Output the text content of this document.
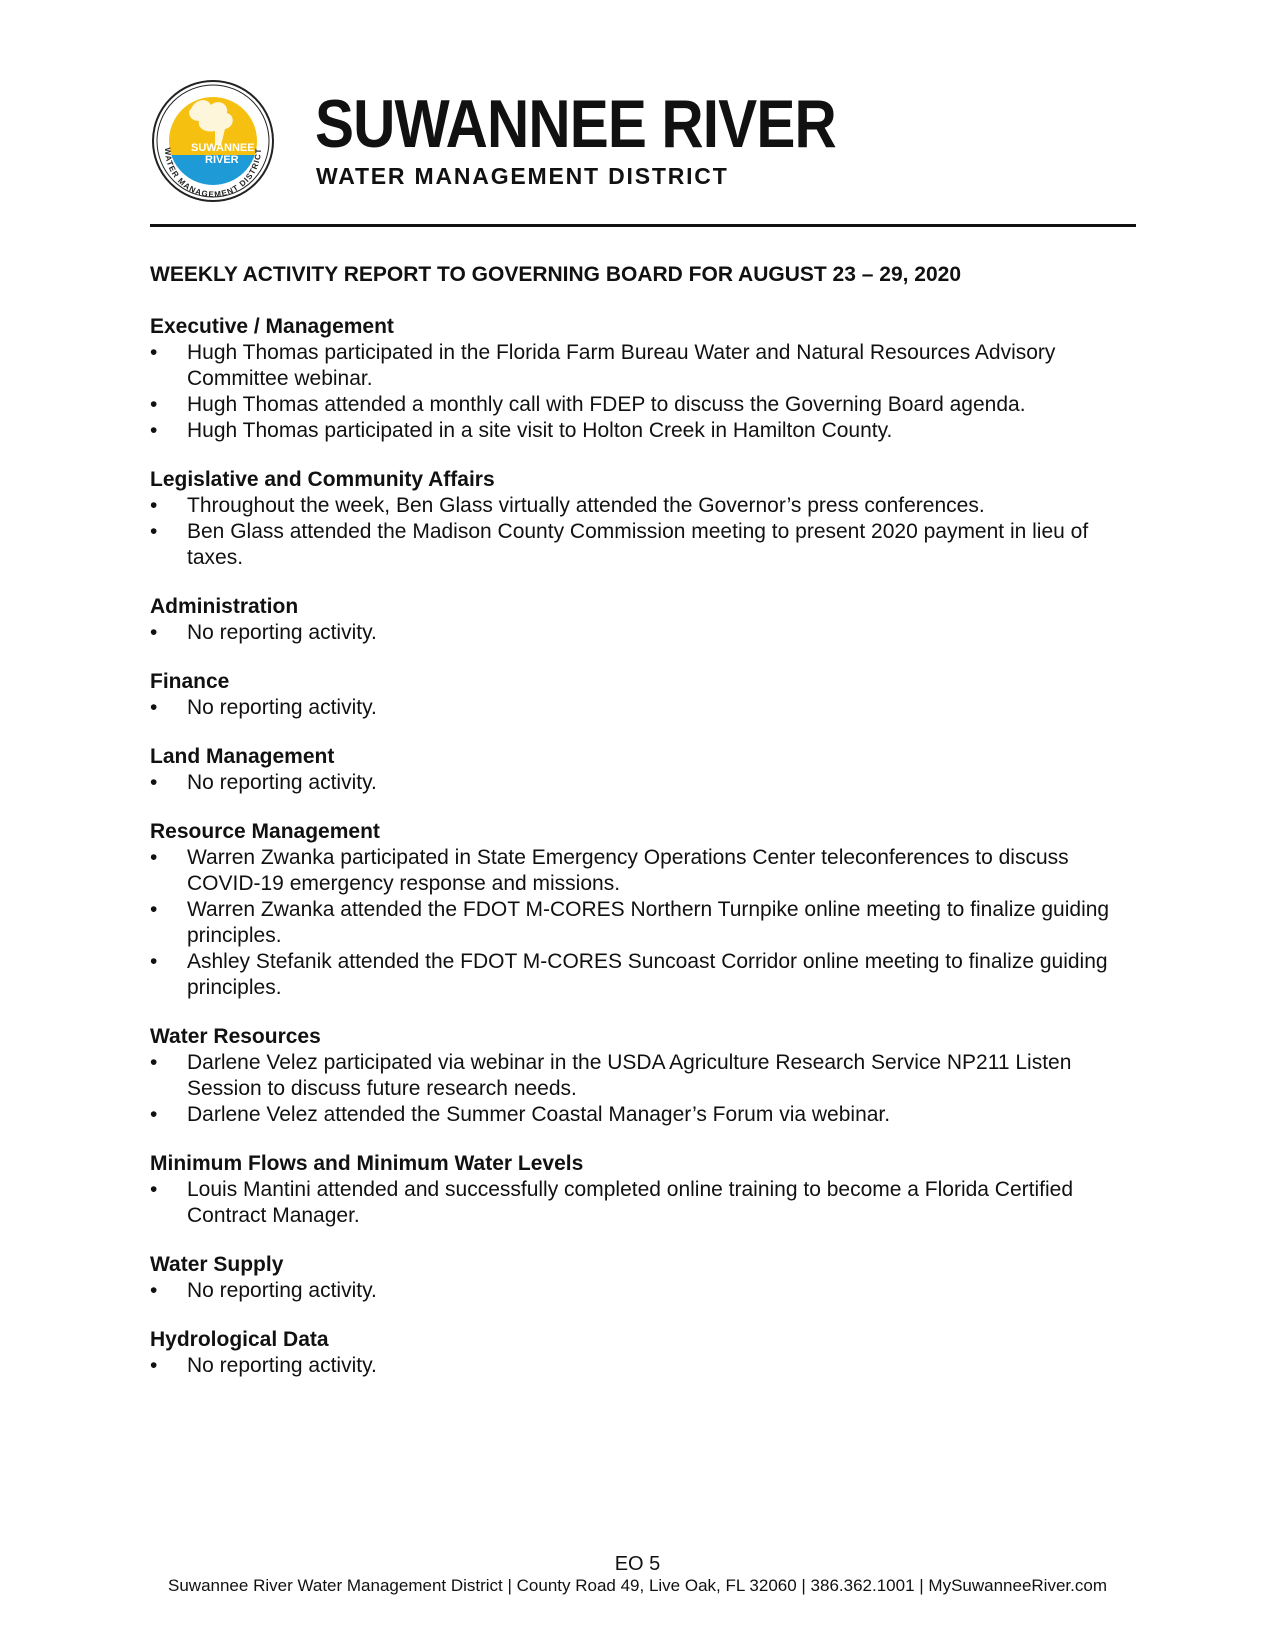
SUWANNEE
RIVER
WATER MANAGEMENT DISTRICT SUWANNEE RIVER
WATER MANAGEMENT DISTRICT
WEEKLY ACTIVITY REPORT TO GOVERNING BOARD FOR AUGUST 23 – 29, 2020
Executive / Management
•	Hugh Thomas participated in the Florida Farm Bureau Water and Natural Resources Advisory Committee webinar.
•	Hugh Thomas attended a monthly call with FDEP to discuss the Governing Board agenda.
•	Hugh Thomas participated in a site visit to Holton Creek in Hamilton County.
Legislative and Community Affairs
•	Throughout the week, Ben Glass virtually attended the Governor’s press conferences.
•	Ben Glass attended the Madison County Commission meeting to present 2020 payment in lieu of taxes.
Administration
•	No reporting activity.
Finance
•	No reporting activity.
Land Management
•	No reporting activity.
Resource Management
•	Warren Zwanka participated in State Emergency Operations Center teleconferences to discuss COVID-19 emergency response and missions.
•	Warren Zwanka attended the FDOT M-CORES Northern Turnpike online meeting to finalize guiding principles.
•	Ashley Stefanik attended the FDOT M-CORES Suncoast Corridor online meeting to finalize guiding principles.
Water Resources
•	Darlene Velez participated via webinar in the USDA Agriculture Research Service NP211 Listen Session to discuss future research needs.
•	Darlene Velez attended the Summer Coastal Manager’s Forum via webinar.
Minimum Flows and Minimum Water Levels
•	Louis Mantini attended and successfully completed online training to become a Florida Certified Contract Manager.
Water Supply
•	No reporting activity.
Hydrological Data
•	No reporting activity.
EO 5
Suwannee River Water Management District | County Road 49, Live Oak, FL 32060 | 386.362.1001 | MySuwanneeRiver.com
